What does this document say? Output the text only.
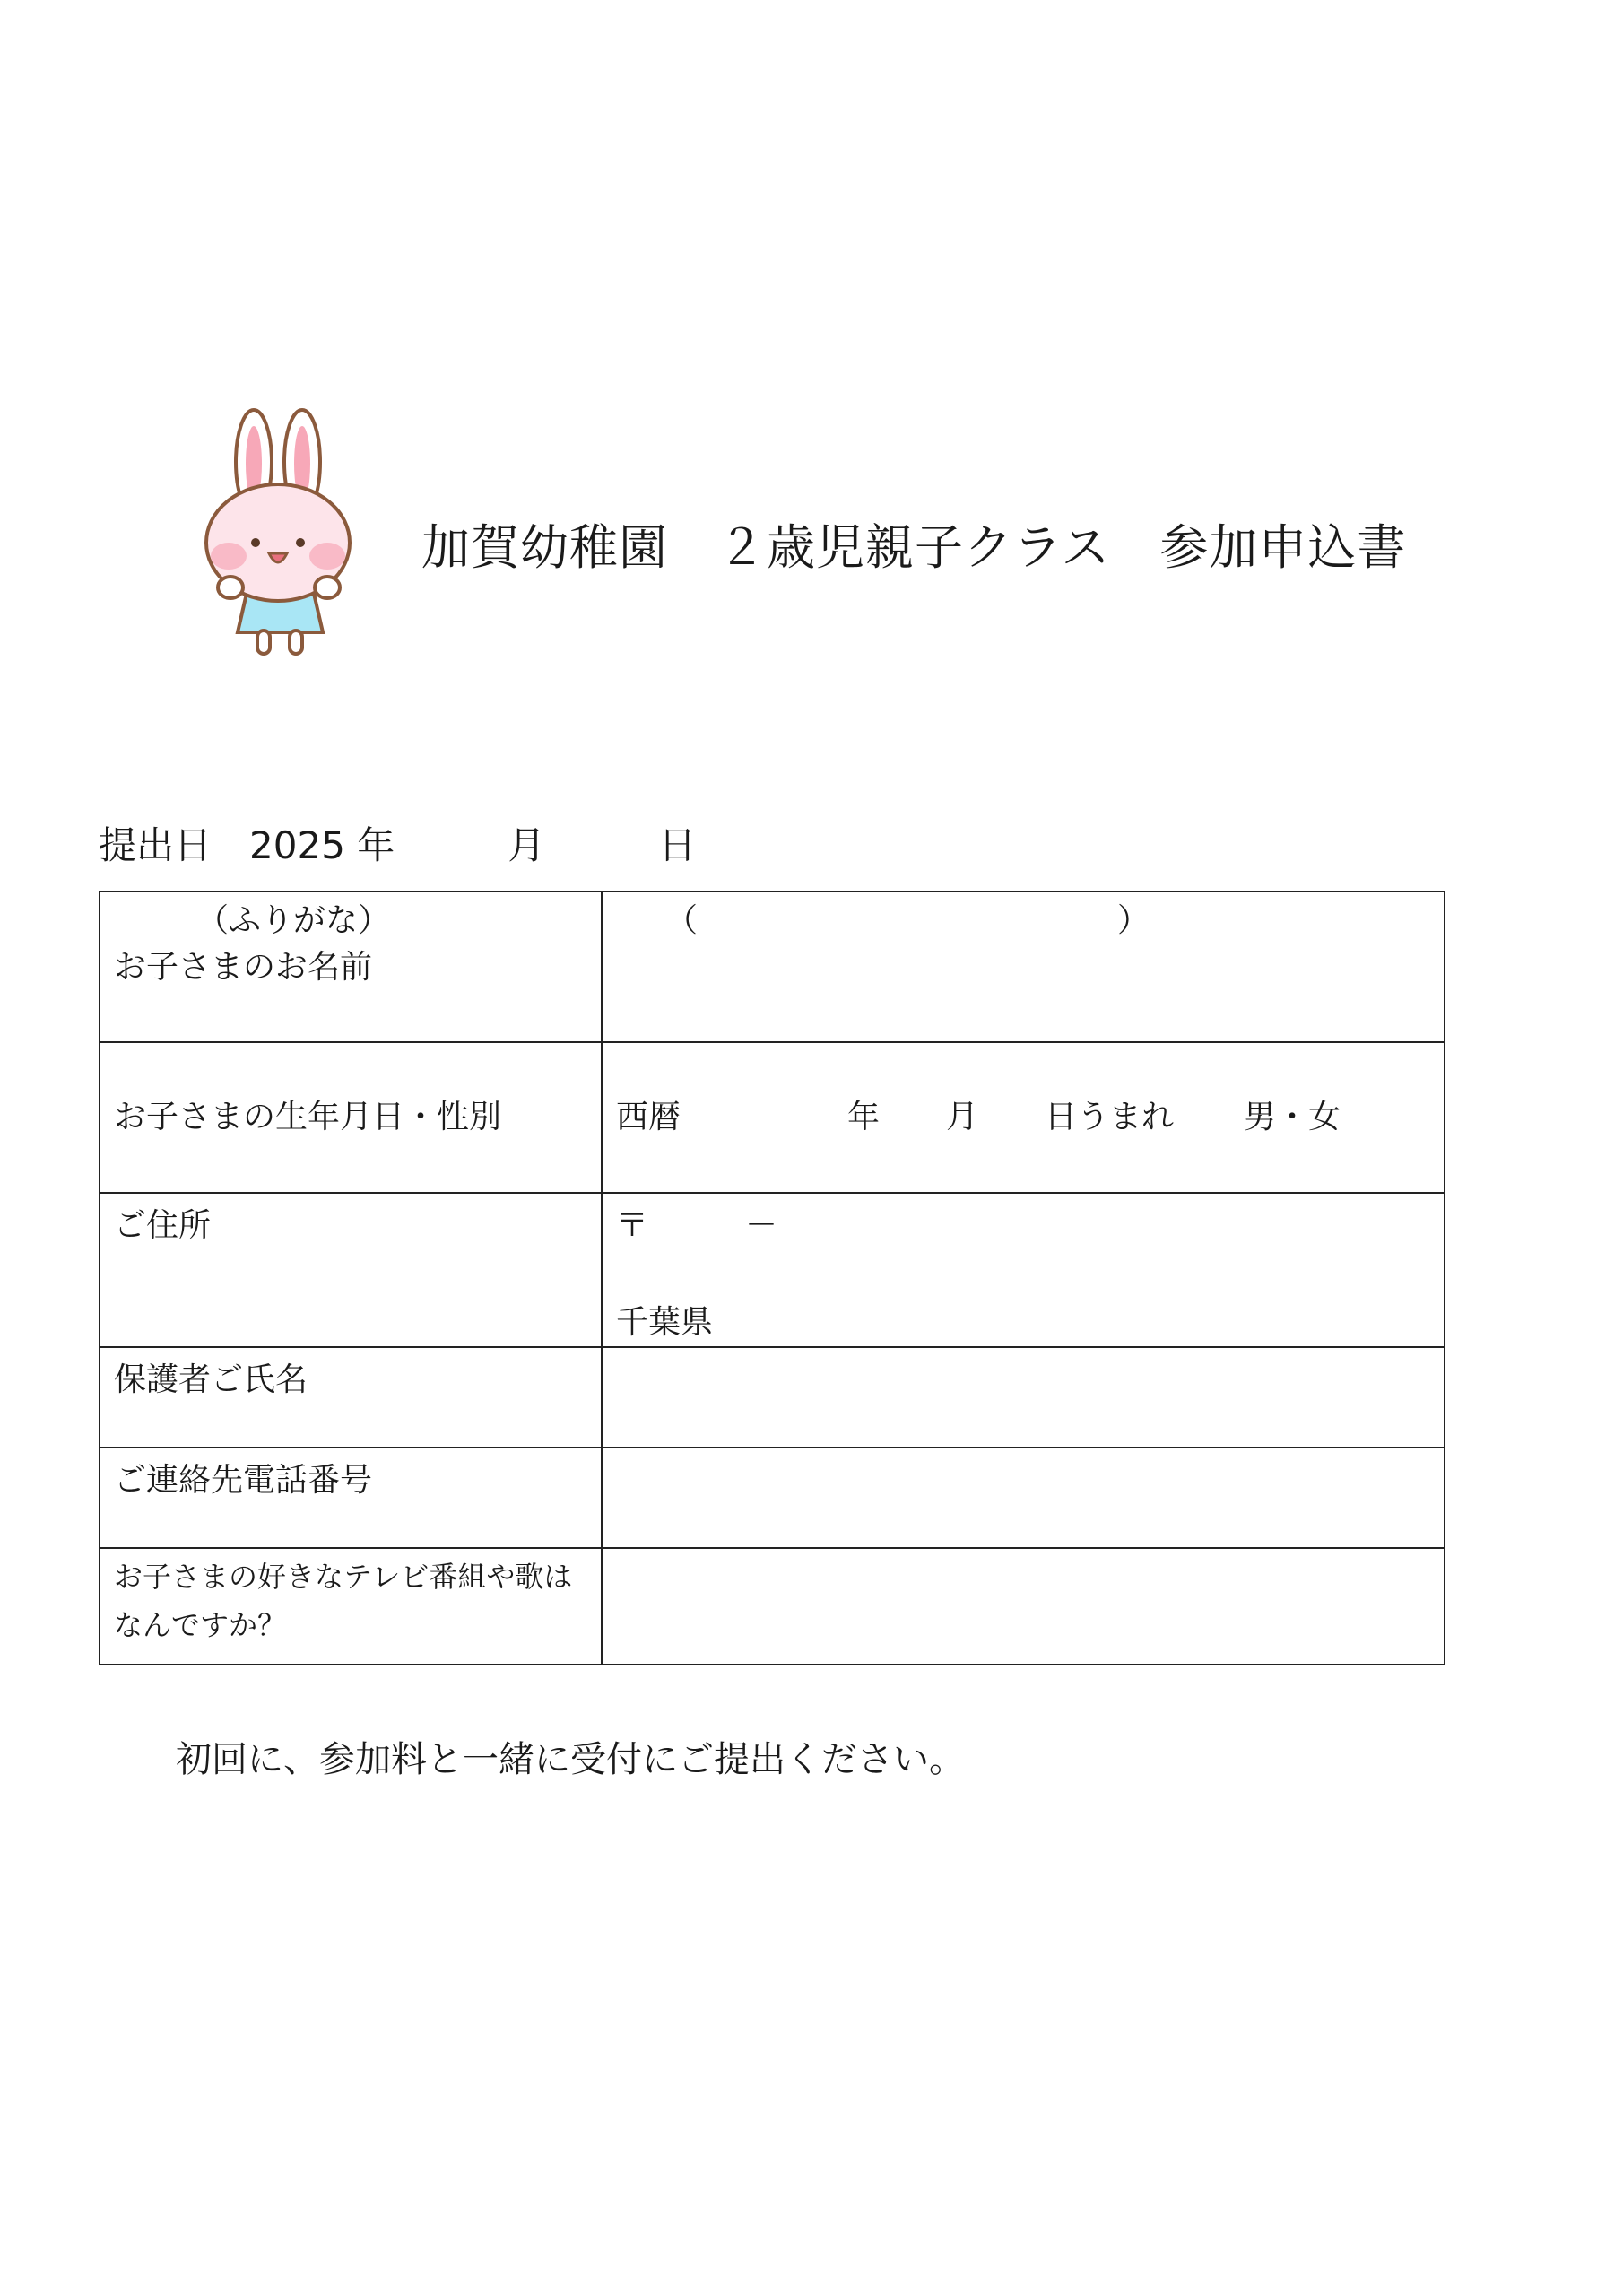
加賀幼稚園　２歳児親子クラス　参加申込書
提出日　 2025 年　　　	月　　　	日
（ふりがな）
お子さまのお名前	（ ）

お子さまの生年月日・性別	西暦 年 月 日うまれ 男・女

ご住所	〒　　　－
千葉県

保護者ご氏名	

ご連絡先電話番号	

お子さまの好きなテレビ番組や歌は
なんですか？	

初回に、参加料と一緒に受付にご提出ください。
